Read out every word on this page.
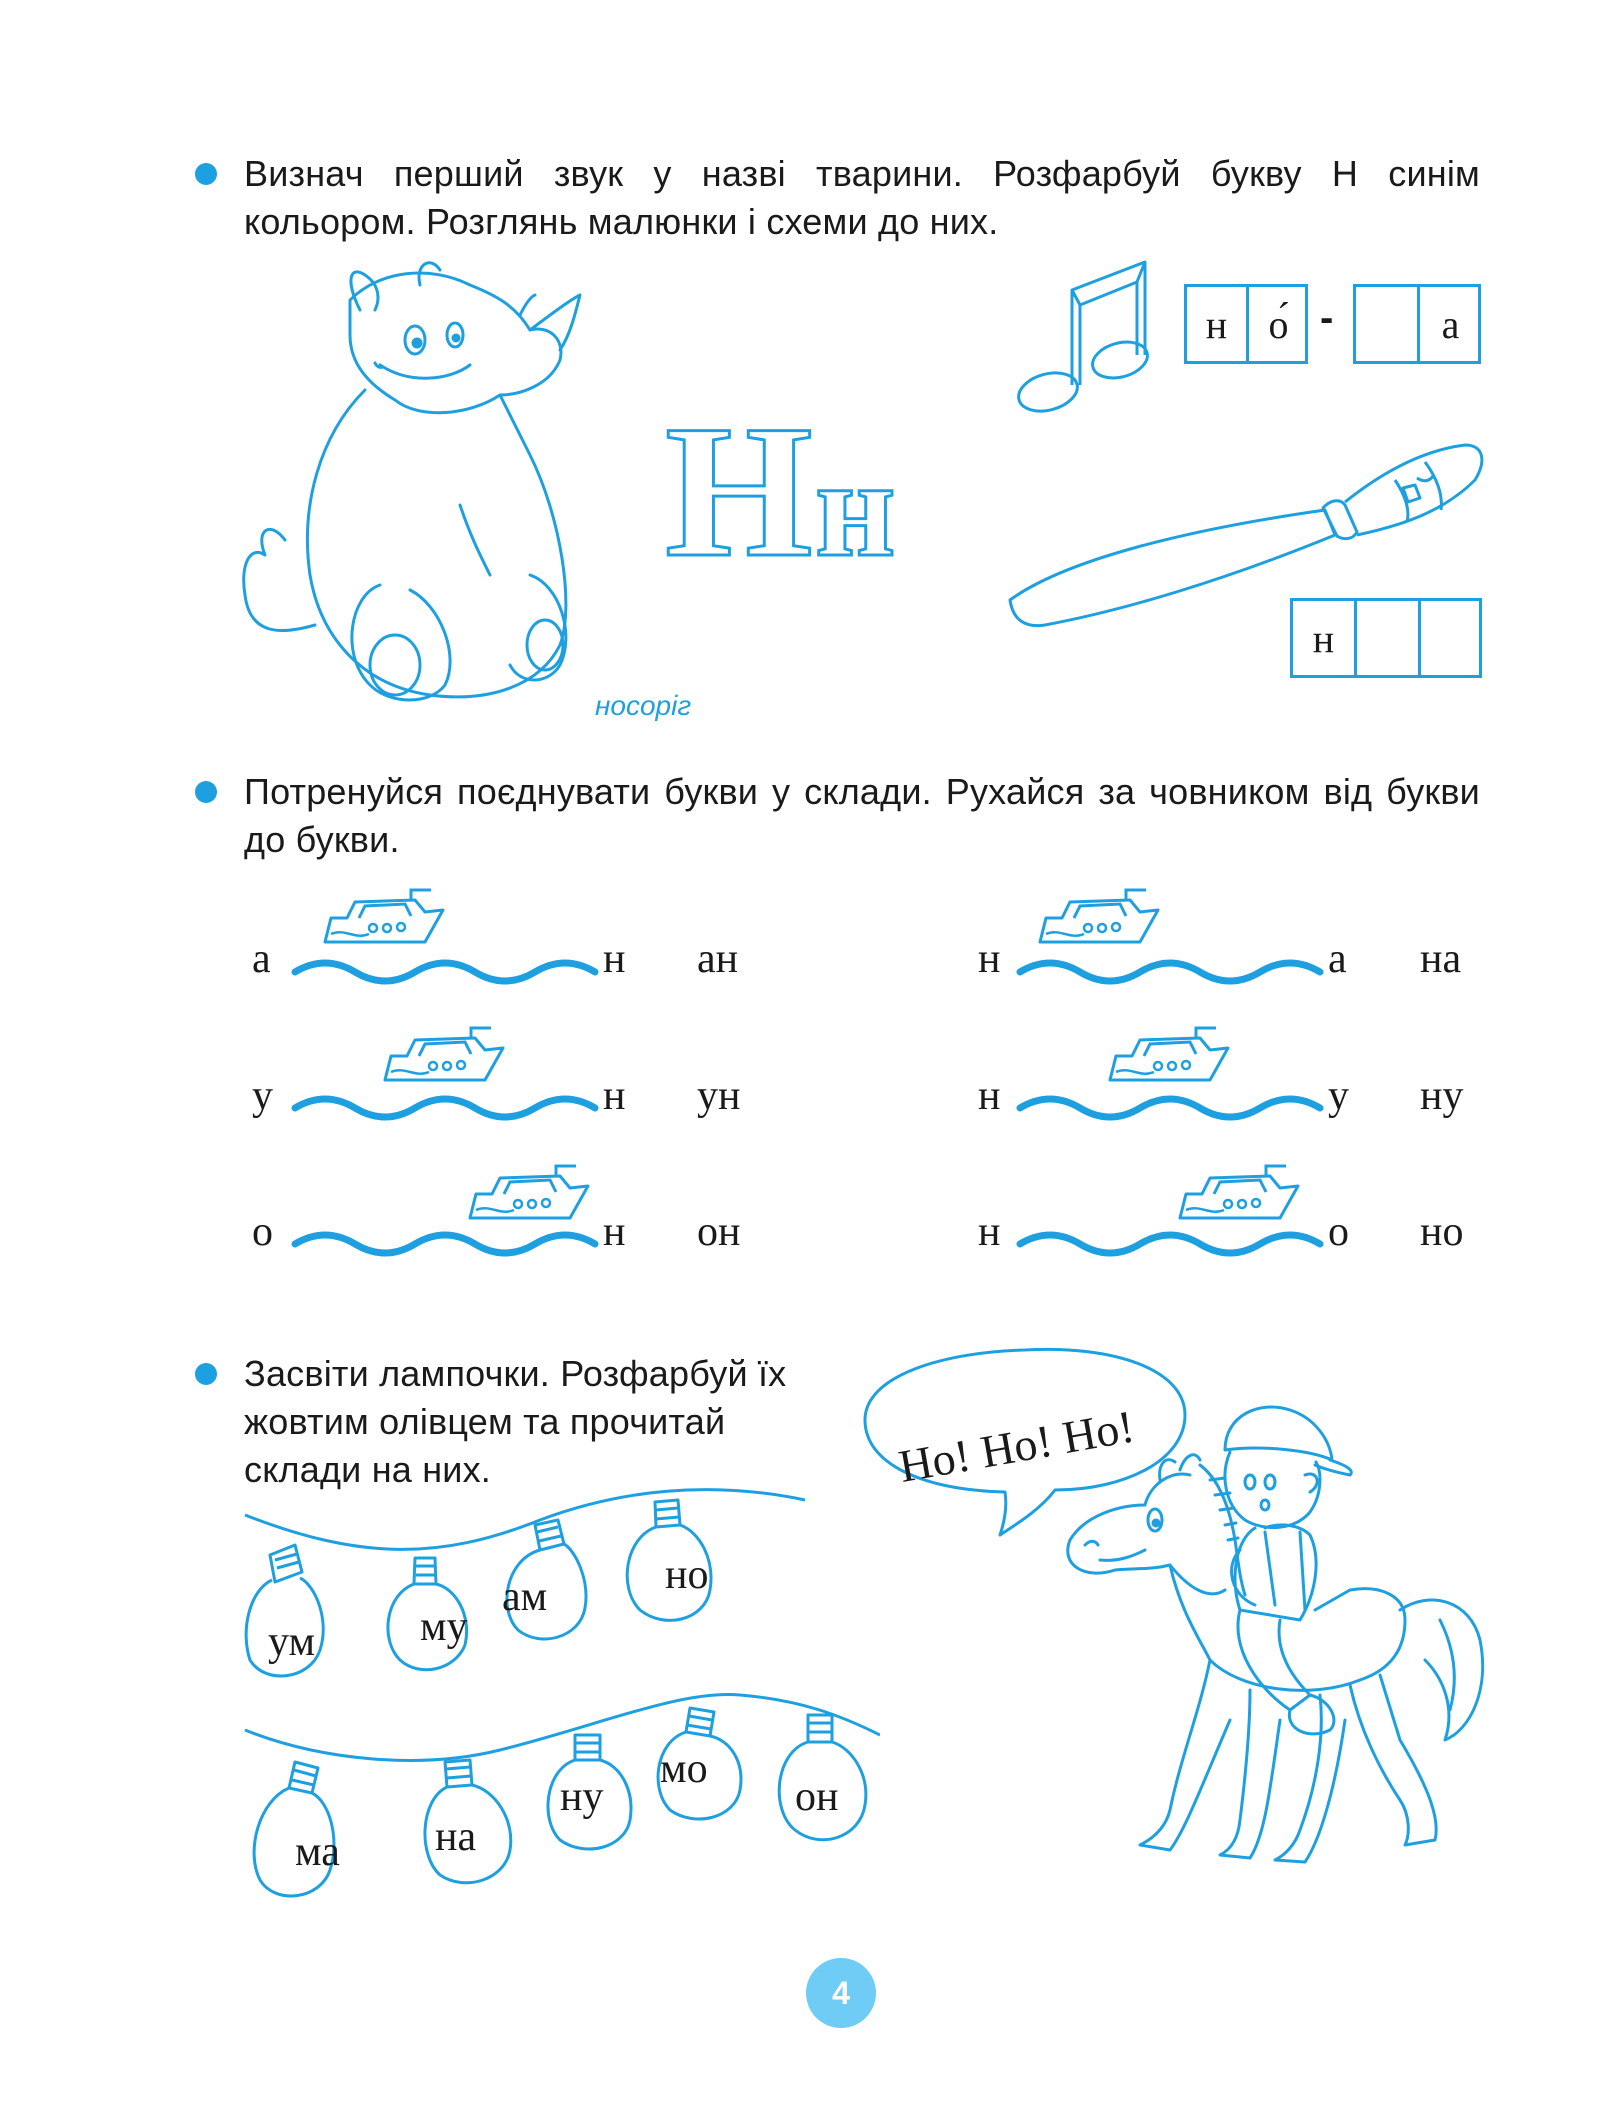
Визнач перший звук у назві тварини. Розфарбуй букву Н синім кольором. Розглянь малюнки і схеми до них.
носоріг
Н н
н	о́ -	а
н
Потренуйся поєднувати букви у склади. Рухайся за човником від букви до букви.
а	н ан
у	н ун
о	н он
н	а на
н	у ну
н	о но
Засвіти лампочки. Розфарбуй їх жовтим олівцем та прочитай склади на них.
ум му
ам	но
ма на
ну
мо
он
Но! Но! Но!
4
